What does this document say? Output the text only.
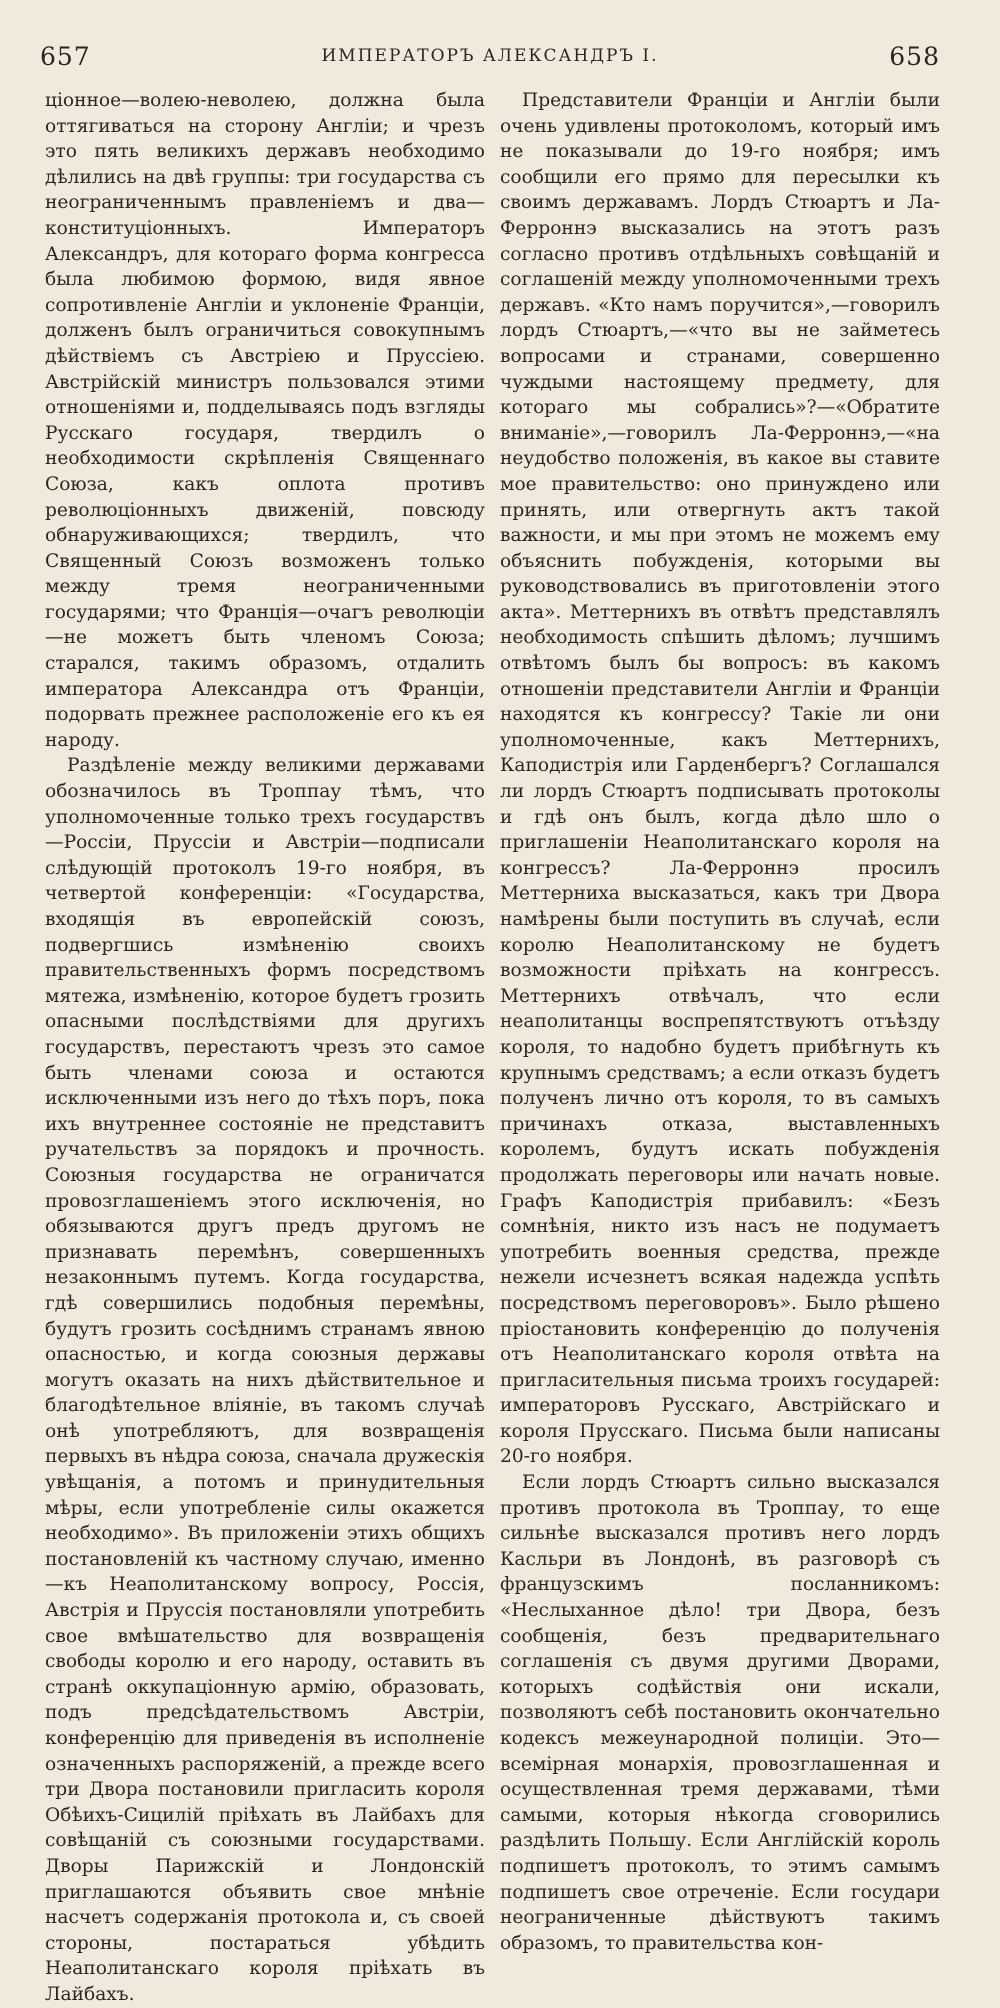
657	ИМПЕРАТОРЪ АЛЕКСАНДРЪ I.	658

ціонное—волею-неволею, должна была оттягиваться на сторону Англіи; и чрезъ это пять великихъ державъ необходимо дѣлились на двѣ группы: три государства съ неограниченнымъ правленіемъ и два—конституціонныхъ. Императоръ Александръ, для котораго форма конгресса была любимою формою, видя явное сопротивленіе Англіи и уклоненіе Франціи, долженъ былъ ограничиться совокупнымъ дѣйствіемъ съ Австріею и Пруссіею. Австрійскій министръ пользовался этими отношеніями и, подделываясь подъ взгляды Русскаго государя, твердилъ о необходимости скрѣпленія Священнаго Союза, какъ оплота противъ революціонныхъ движеній, повсюду обнаруживающихся; твердилъ, что Священный Союзъ возможенъ только между тремя неограниченными государями; что Франція—очагъ революціи—не можетъ быть членомъ Союза; старался, такимъ образомъ, отдалить императора Александра отъ Франціи, подорвать прежнее расположеніе его къ ея народу.

Раздѣленіе между великими державами обозначилось въ Троппау тѣмъ, что уполномоченные только трехъ государствъ—Россіи, Пруссіи и Австріи—подписали слѣдующій протоколъ 19-го ноября, въ четвертой конференціи: «Государства, входящія въ европейскій союзъ, подвергшись измѣненію своихъ правительственныхъ формъ посредствомъ мятежа, измѣненію, которое будетъ грозить опасными послѣдствіями для другихъ государствъ, перестаютъ чрезъ это самое быть членами союза и остаются исключенными изъ него до тѣхъ поръ, пока ихъ внутреннее состояніе не представитъ ручательствъ за порядокъ и прочность. Союзныя государства не ограничатся провозглашеніемъ этого исключенія, но обязываются другъ предъ другомъ не признавать перемѣнъ, совершенныхъ незаконнымъ путемъ. Когда государства, гдѣ совершились подобныя перемѣны, будутъ грозить сосѣднимъ странамъ явною опасностью, и когда союзныя державы могутъ оказать на нихъ дѣйствительное и благодѣтельное вліяніе, въ такомъ случаѣ онѣ употребляютъ, для возвращенія первыхъ въ нѣдра союза, сначала дружескія увѣщанія, а потомъ и принудительныя мѣры, если употребленіе силы окажется необходимо». Въ приложеніи этихъ общихъ постановленій къ частному случаю, именно—къ Неаполитанскому вопросу, Россія, Австрія и Пруссія постановляли употребить свое вмѣшательство для возвращенія свободы королю и его народу, оставить въ странѣ оккупаціонную армію, образовать, подъ предсѣдательствомъ Австріи, конференцію для приведенія въ исполненіе означенныхъ распоряженій, а прежде всего три Двора постановили пригласить короля Обѣихъ-Сицилій пріѣхать въ Лайбахъ для совѣщаній съ союзными государствами. Дворы Парижскій и Лондонскій приглашаются объявить свое мнѣніе насчетъ содержанія протокола и, съ своей стороны, постараться убѣдить Неаполитанскаго короля пріѣхать въ Лайбахъ.

Представители Франціи и Англіи были очень удивлены протоколомъ, который имъ не показывали до 19-го ноября; имъ сообщили его прямо для пересылки къ своимъ державамъ. Лордъ Стюартъ и Ла-Ферроннэ высказались на этотъ разъ согласно противъ отдѣльныхъ совѣщаній и соглашеній между уполномоченными трехъ державъ. «Кто намъ поручится»,—говорилъ лордъ Стюартъ,—«что вы не займетесь вопросами и странами, совершенно чуждыми настоящему предмету, для котораго мы собрались»?—«Обратите вниманіе»,—говорилъ Ла-Ферроннэ,—«на неудобство положенія, въ какое вы ставите мое правительство: оно принуждено или принять, или отвергнуть актъ такой важности, и мы при этомъ не можемъ ему объяснить побужденія, которыми вы руководствовались въ приготовленіи этого акта». Меттернихъ въ отвѣтъ представлялъ необходимость спѣшить дѣломъ; лучшимъ отвѣтомъ былъ бы вопросъ: въ какомъ отношеніи представители Англіи и Франціи находятся къ конгрессу? Такіе ли они уполномоченные, какъ Меттернихъ, Каподистрія или Гарденбергъ? Соглашался ли лордъ Стюартъ подписывать протоколы и гдѣ онъ былъ, когда дѣло шло о приглашеніи Неаполитанскаго короля на конгрессъ? Ла-Ферроннэ просилъ Меттерниха высказаться, какъ три Двора намѣрены были поступить въ случаѣ, если королю Неаполитанскому не будетъ возможности пріѣхать на конгрессъ. Меттернихъ отвѣчалъ, что если неаполитанцы воспрепятствуютъ отъѣзду короля, то надобно будетъ прибѣгнуть къ крупнымъ средствамъ; а если отказъ будетъ полученъ лично отъ короля, то въ самыхъ причинахъ отказа, выставленныхъ королемъ, будутъ искать побужденія продолжать переговоры или начать новые. Графъ Каподистрія прибавилъ: «Безъ сомнѣнія, никто изъ насъ не подумаетъ употребить военныя средства, прежде нежели исчезнетъ всякая надежда успѣть посредствомъ переговоровъ». Было рѣшено пріостановить конференцію до полученія отъ Неаполитанскаго короля отвѣта на пригласительныя письма троихъ государей: императоровъ Русскаго, Австрійскаго и короля Прусскаго. Письма были написаны 20-го ноября.

Если лордъ Стюартъ сильно высказался противъ протокола въ Троппау, то еще сильнѣе высказался противъ него лордъ Касльри въ Лондонѣ, въ разговорѣ съ французскимъ посланникомъ: «Неслыханное дѣло! три Двора, безъ сообщенія, безъ предварительнаго соглашенія съ двумя другими Дворами, которыхъ содѣйствія они искали, позволяютъ себѣ постановить окончательно кодексъ межеународной полиціи. Это—всемірная монархія, провозглашенная и осуществленная тремя державами, тѣми самыми, которыя нѣкогда сговорились раздѣлить Польшу. Если Англійскій король подпишетъ протоколъ, то этимъ самымъ подпишетъ свое отреченіе. Если государи неограниченные дѣйствуютъ такимъ образомъ, то правительства кон-
